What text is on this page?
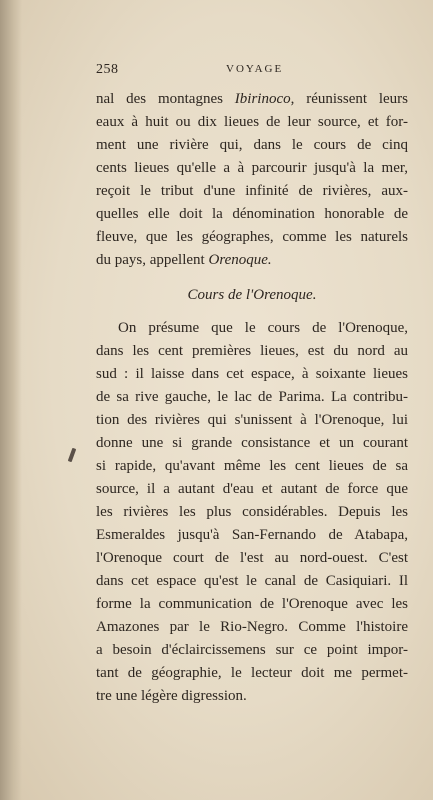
258	VOYAGE
nal des montagnes Ibirinoco, réunissent leurs
eaux à huit ou dix lieues de leur source, et for-
ment une rivière qui, dans le cours de cinq
cents lieues qu'elle a à parcourir jusqu'à la mer,
reçoit le tribut d'une infinité de rivières, aux-
quelles elle doit la dénomination honorable de
fleuve, que les géographes, comme les naturels
du pays, appellent Orenoque.
Cours de l'Orenoque.
On présume que le cours de l'Orenoque,
dans les cent premières lieues, est du nord au
sud : il laisse dans cet espace, à soixante lieues
de sa rive gauche, le lac de Parima. La contribu-
tion des rivières qui s'unissent à l'Orenoque, lui
donne une si grande consistance et un courant
si rapide, qu'avant même les cent lieues de sa
source, il a autant d'eau et autant de force que
les rivières les plus considérables. Depuis les
Esmeraldes jusqu'à San-Fernando de Atabapa,
l'Orenoque court de l'est au nord-ouest. C'est
dans cet espace qu'est le canal de Casiquiari. Il
forme la communication de l'Orenoque avec les
Amazones par le Rio-Negro. Comme l'histoire
a besoin d'éclaircissemens sur ce point impor-
tant de géographie, le lecteur doit me permet-
tre une légère digression.
